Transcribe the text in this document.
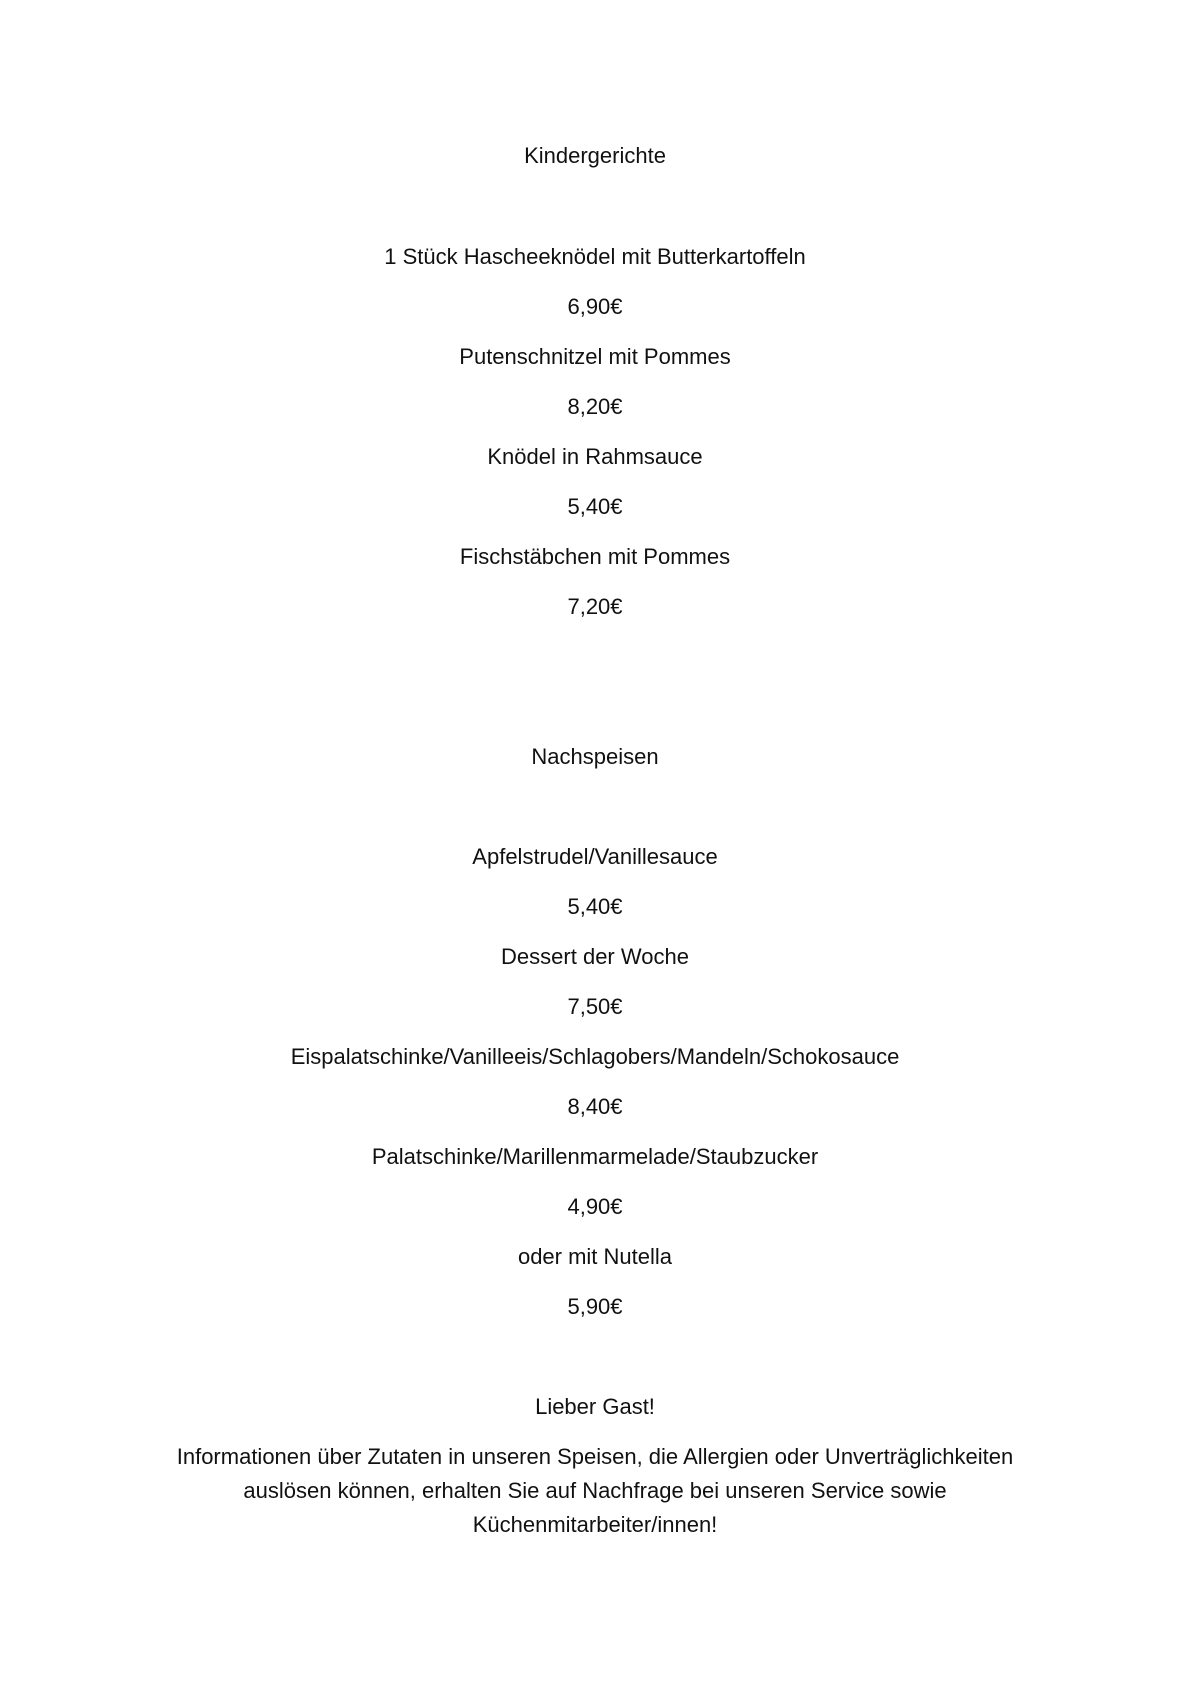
Kindergerichte
1 Stück Hascheeknödel mit Butterkartoffeln
6,90€
Putenschnitzel mit Pommes
8,20€
Knödel in Rahmsauce
5,40€
Fischstäbchen mit Pommes
7,20€
Nachspeisen
Apfelstrudel/Vanillesauce
5,40€
Dessert der Woche
7,50€
Eispalatschinke/Vanilleeis/Schlagobers/Mandeln/Schokosauce
8,40€
Palatschinke/Marillenmarmelade/Staubzucker
4,90€
oder mit Nutella
5,90€
Lieber Gast!
Informationen über Zutaten in unseren Speisen, die Allergien oder Unverträglichkeiten
auslösen können, erhalten Sie auf Nachfrage bei unseren Service sowie
Küchenmitarbeiter/innen!
